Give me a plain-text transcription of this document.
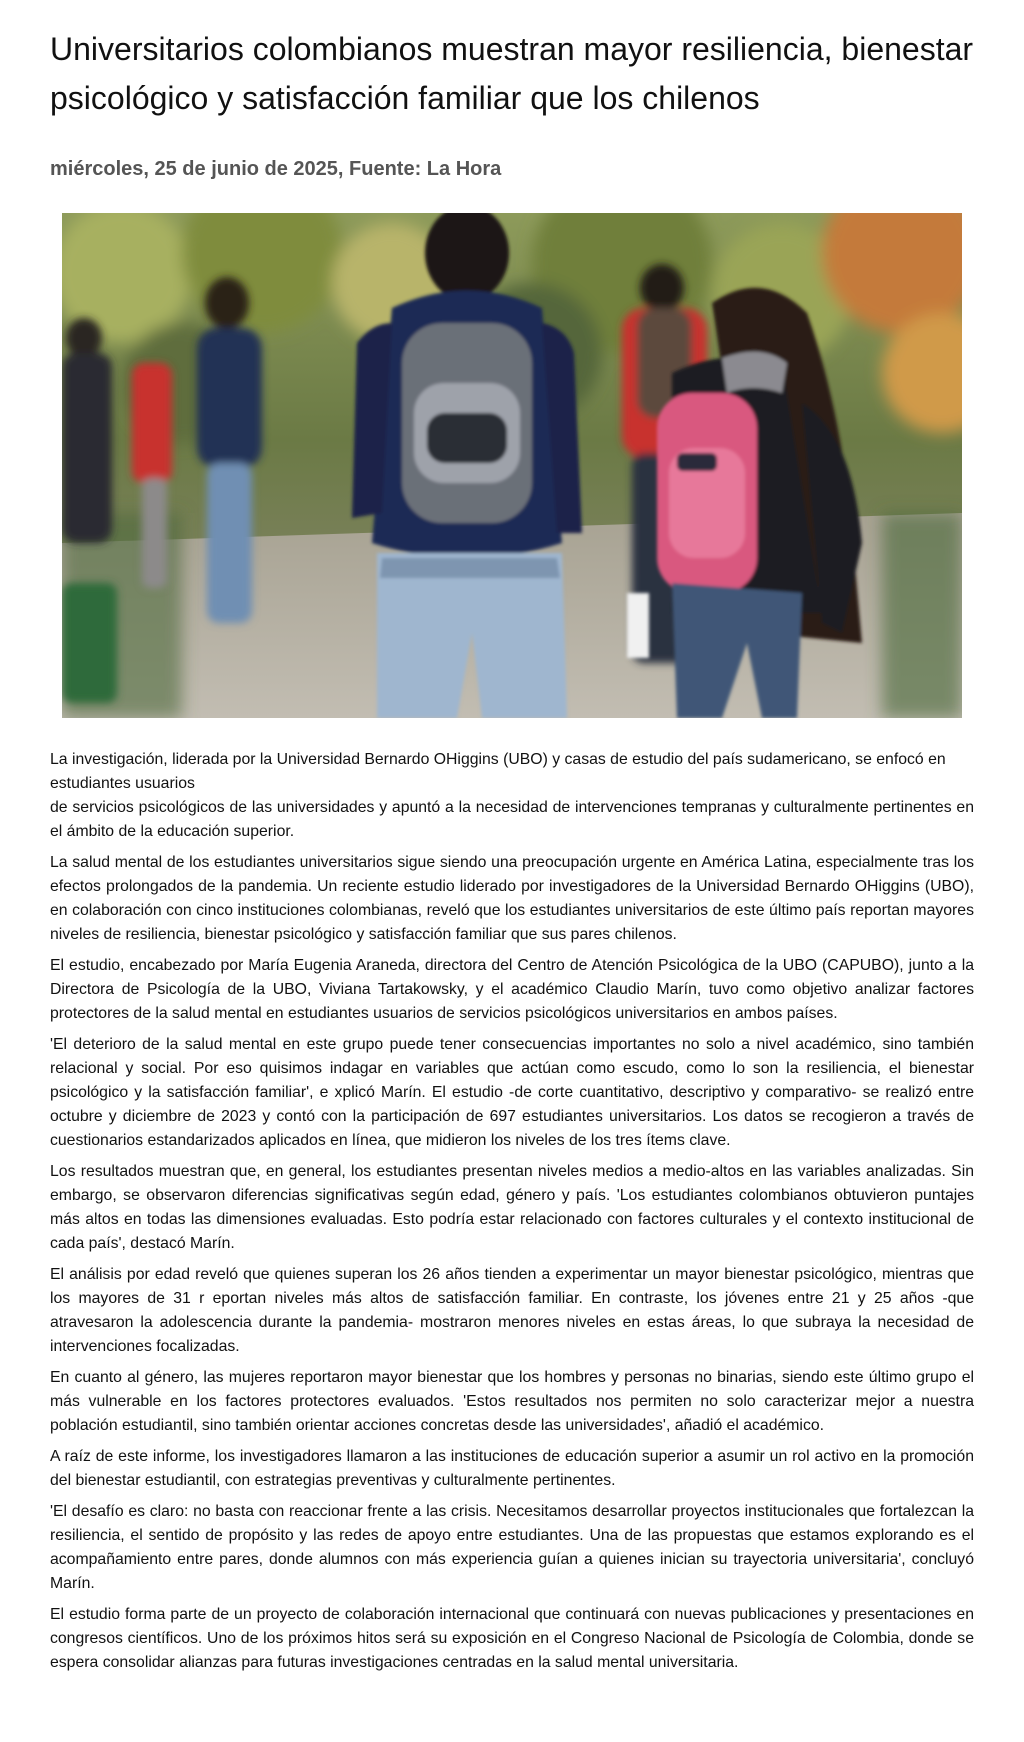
Universitarios colombianos muestran mayor resiliencia, bienestar psicológico y satisfacción familiar que los chilenos
miércoles, 25 de junio de 2025, Fuente: La Hora

La investigación, liderada por la Universidad Bernardo OHiggins (UBO) y casas de estudio del país sudamericano, se enfocó en estudiantes usuarios

de servicios psicológicos de las universidades y apuntó a la necesidad de intervenciones tempranas y culturalmente pertinentes en el ámbito de la educación superior.

La salud mental de los estudiantes universitarios sigue siendo una preocupación urgente en América Latina, especialmente tras los efectos prolongados de la pandemia. Un reciente estudio liderado por investigadores de la Universidad Bernardo OHiggins (UBO), en colaboración con cinco instituciones colombianas, reveló que los estudiantes universitarios de este último país reportan mayores niveles de resiliencia, bienestar psicológico y satisfacción familiar que sus pares chilenos.

El estudio, encabezado por María Eugenia Araneda, directora del Centro de Atención Psicológica de la UBO (CAPUBO), junto a la Directora de Psicología de la UBO, Viviana Tartakowsky, y el académico Claudio Marín, tuvo como objetivo analizar factores protectores de la salud mental en estudiantes usuarios de servicios psicológicos universitarios en ambos países.

'El deterioro de la salud mental en este grupo puede tener consecuencias importantes no solo a nivel académico, sino también relacional y social. Por eso quisimos indagar en variables que actúan como escudo, como lo son la resiliencia, el bienestar psicológico y la satisfacción familiar', e xplicó Marín. El estudio -de corte cuantitativo, descriptivo y comparativo- se realizó entre octubre y diciembre de 2023 y contó con la participación de 697 estudiantes universitarios. Los datos se recogieron a través de cuestionarios estandarizados aplicados en línea, que midieron los niveles de los tres ítems clave.

Los resultados muestran que, en general, los estudiantes presentan niveles medios a medio-altos en las variables analizadas. Sin embargo, se observaron diferencias significativas según edad, género y país. 'Los estudiantes colombianos obtuvieron puntajes más altos en todas las dimensiones evaluadas. Esto podría estar relacionado con factores culturales y el contexto institucional de cada país', destacó Marín.

El análisis por edad reveló que quienes superan los 26 años tienden a experimentar un mayor bienestar psicológico, mientras que los mayores de 31 r eportan niveles más altos de satisfacción familiar. En contraste, los jóvenes entre 21 y 25 años -que atravesaron la adolescencia durante la pandemia- mostraron menores niveles en estas áreas, lo que subraya la necesidad de intervenciones focalizadas.

En cuanto al género, las mujeres reportaron mayor bienestar que los hombres y personas no binarias, siendo este último grupo el más vulnerable en los factores protectores evaluados. 'Estos resultados nos permiten no solo caracterizar mejor a nuestra población estudiantil, sino también orientar acciones concretas desde las universidades', añadió el académico.

A raíz de este informe, los investigadores llamaron a las instituciones de educación superior a asumir un rol activo en la promoción del bienestar estudiantil, con estrategias preventivas y culturalmente pertinentes.

'El desafío es claro: no basta con reaccionar frente a las crisis. Necesitamos desarrollar proyectos institucionales que fortalezcan la resiliencia, el sentido de propósito y las redes de apoyo entre estudiantes. Una de las propuestas que estamos explorando es el acompañamiento entre pares, donde alumnos con más experiencia guían a quienes inician su trayectoria universitaria', concluyó Marín.

El estudio forma parte de un proyecto de colaboración internacional que continuará con nuevas publicaciones y presentaciones en congresos científicos. Uno de los próximos hitos será su exposición en el Congreso Nacional de Psicología de Colombia, donde se espera consolidar alianzas para futuras investigaciones centradas en la salud mental universitaria.
